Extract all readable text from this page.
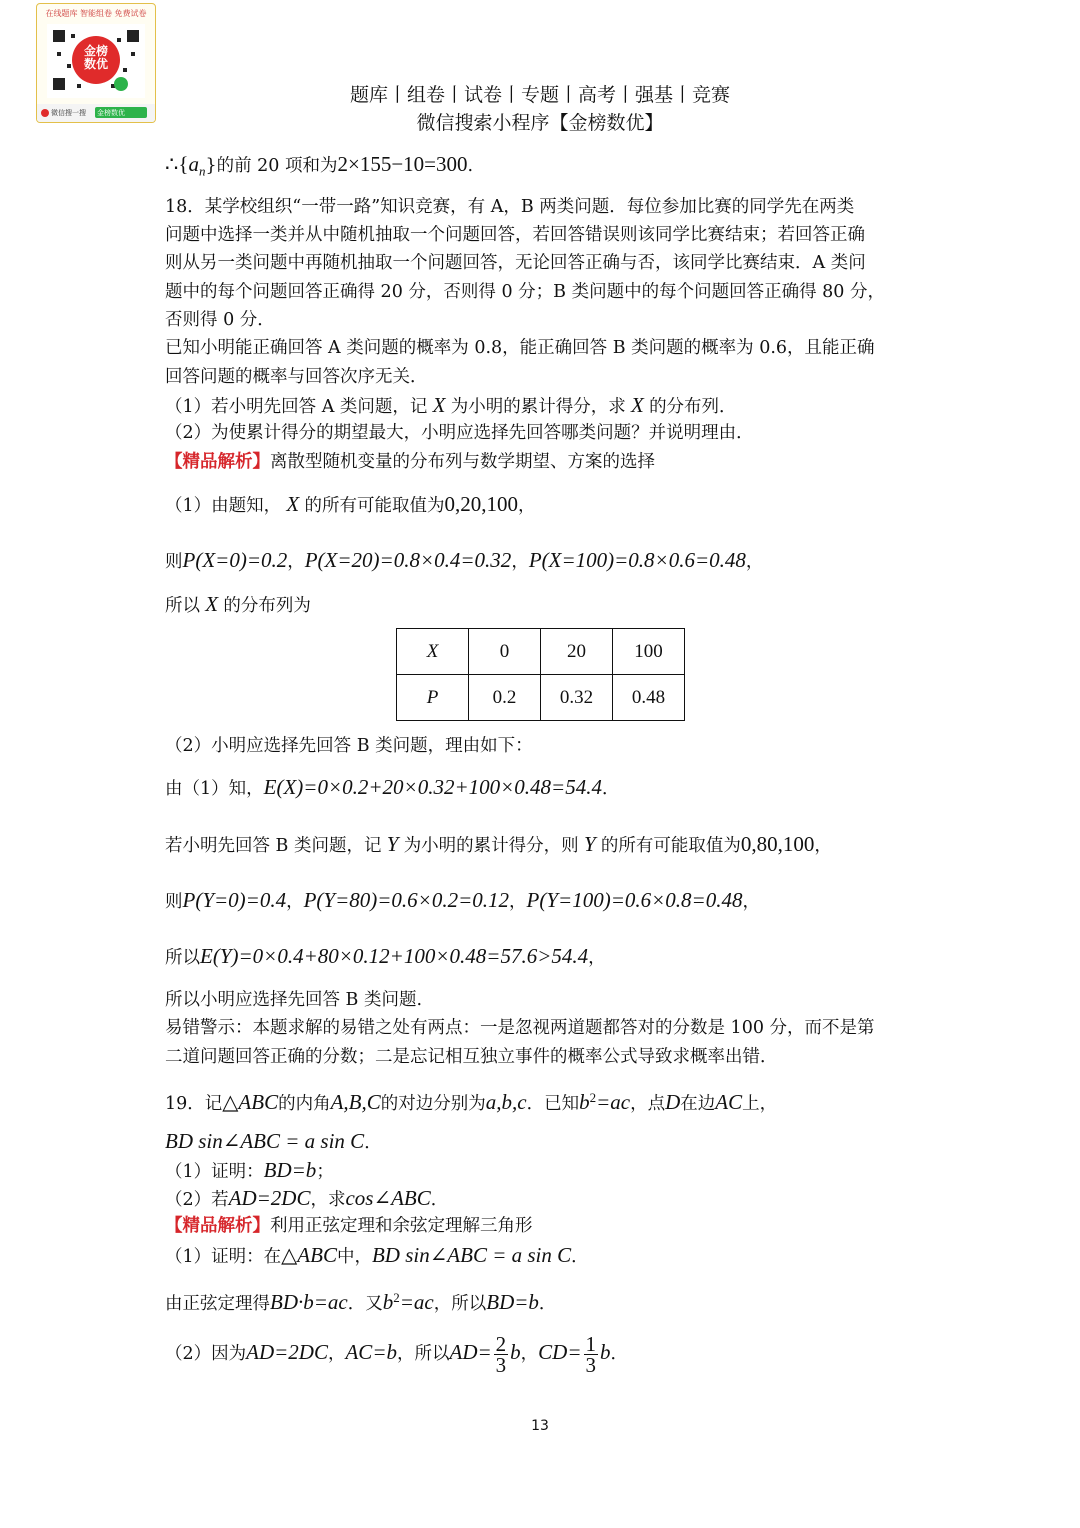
在线题库 智能组卷 免费试卷
金榜
数优
微信搜一搜 金榜数优
题库丨组卷丨试卷丨专题丨高考丨强基丨竞赛
微信搜索小程序【金榜数优】
$\therefore\{a_n\}$的前 20 项和为2×155−10=300.
18．某学校组织“一带一路”知识竞赛，有 A，B 两类问题．每位参加比赛的同学先在两类
问题中选择一类并从中随机抽取一个问题回答，若回答错误则该同学比赛结束；若回答正确
则从另一类问题中再随机抽取一个问题回答，无论回答正确与否，该同学比赛结束．A 类问
题中的每个问题回答正确得 20 分，否则得 0 分；B 类问题中的每个问题回答正确得 80 分，
否则得 0 分．
已知小明能正确回答 A 类问题的概率为 0.8，能正确回答 B 类问题的概率为 0.6，且能正确
回答问题的概率与回答次序无关．
（1）若小明先回答 A 类问题，记 X 为小明的累计得分，求 X 的分布列．
（2）为使累计得分的期望最大，小明应选择先回答哪类问题？并说明理由．
【精品解析】离散型随机变量的分布列与数学期望、方案的选择
（1）由题知， X 的所有可能取值为0,20,100，
则P(X=0)=0.2，P(X=20)=0.8×0.4=0.32，P(X=100)=0.8×0.6=0.48，
所以 X 的分布列为
X	0	20	100
P	0.2	0.32	0.48
（2）小明应选择先回答 B 类问题，理由如下：
由（1）知，E(X)=0×0.2+20×0.32+100×0.48=54.4．
若小明先回答 B 类问题，记 Y 为小明的累计得分，则 Y 的所有可能取值为0,80,100，
则P(Y=0)=0.4，P(Y=80)=0.6×0.2=0.12，P(Y=100)=0.6×0.8=0.48，
所以E(Y)=0×0.4+80×0.12+100×0.48=57.6>54.4，
所以小明应选择先回答 B 类问题.
易错警示：本题求解的易错之处有两点：一是忽视两道题都答对的分数是 100 分，而不是第
二道问题回答正确的分数；二是忘记相互独立事件的概率公式导致求概率出错．
19．记△ABC的内角A,B,C的对边分别为a,b,c．已知$b^2=ac$，点D在边AC上，
BD sin∠ABC = a sin C．
（1）证明：BD=b；
（2）若AD=2DC，求cos∠ABC．
【精品解析】利用正弦定理和余弦定理解三角形
（1）证明：在△ABC中，BD sin∠ABC = a sin C．
由正弦定理得BD·b=ac．又$b^2=ac$，所以BD=b．
（2）因为AD=2DC，AC=b，所以$AD= \frac{2}{3}$ b，$CD= \frac{1}{3}$ b．
13
